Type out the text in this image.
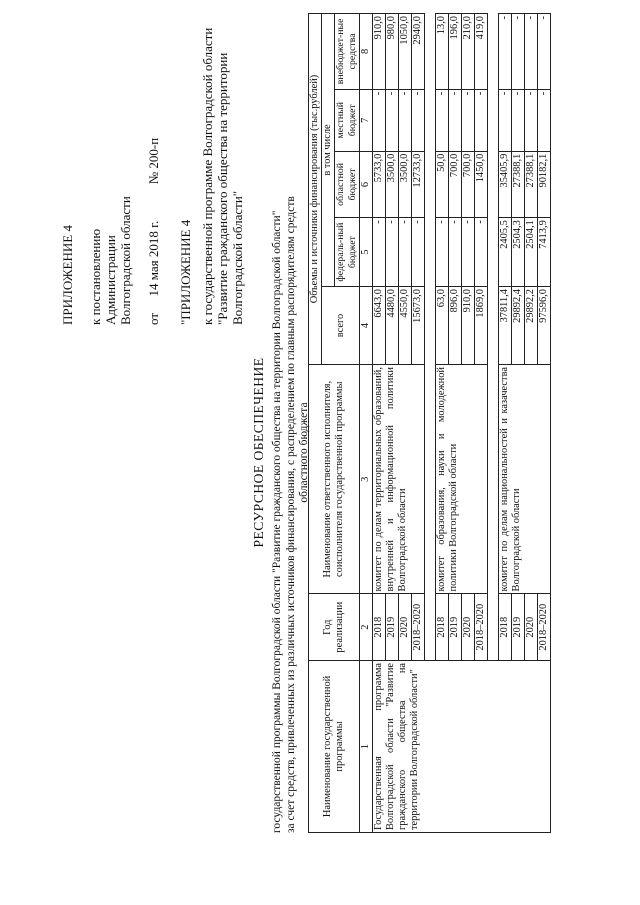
ПРИЛОЖЕНИЕ 4 к постановлению Администрации Волгоградской области от  14 мая 2018 г.  № 200-п
"ПРИЛОЖЕНИЕ 4 к государственной программе Волгоградской области "Развитие гражданского общества на территории Волгоградской области"
РЕСУРСНОЕ ОБЕСПЕЧЕНИЕ государственной программы Волгоградской области "Развитие гражданского общества на территории Волгоградской области" за счет средств, привлеченных из различных источников финансирования, с распределением по главным распорядителям средств областного бюджета
Наименование государственной программы	Год реализации	Наименование ответственного исполнителя, соисполнителя государственной программы	Объемы и источники финансирования (тыс.рублей)				
			всего	в том числе			
				федераль-ный бюджет	областной бюджет	местный бюджет	внебюджет-ные средства
1	2	3	4	5	6	7	8
Государственная программа Волгоградской области "Развитие гражданского общества на территории Волгоградской области"	2018	комитет по делам территориальных образований, внутренней и информационной политики Волгоградской области	6643,0	-	5733,0	-	910,0
	2019		4480,0	-	3500,0	-	980,0
	2020		4550,0	-	3500,0	-	1050,0
	2018–2020		15673,0	-	12733,0	-	2940,0

	2018	комитет образования, науки и молодежной политики Волгоградской области	63,0	-	50,0	-	13,0
	2019		896,0	-	700,0	-	196,0
	2020		910,0	-	700,0	-	210,0
	2018–2020		1869,0	-	1450,0	-	419,0

	2018	комитет по делам национальностей и казачества Волгоградской области	37811,4	2405,5	35405,9	-	-
	2019		29892,4	2504,3	27388,1	-	-
	2020		29892,2	2504,1	27388,1	-	-
	2018–2020		97596,0	7413,9	90182,1	-	-
